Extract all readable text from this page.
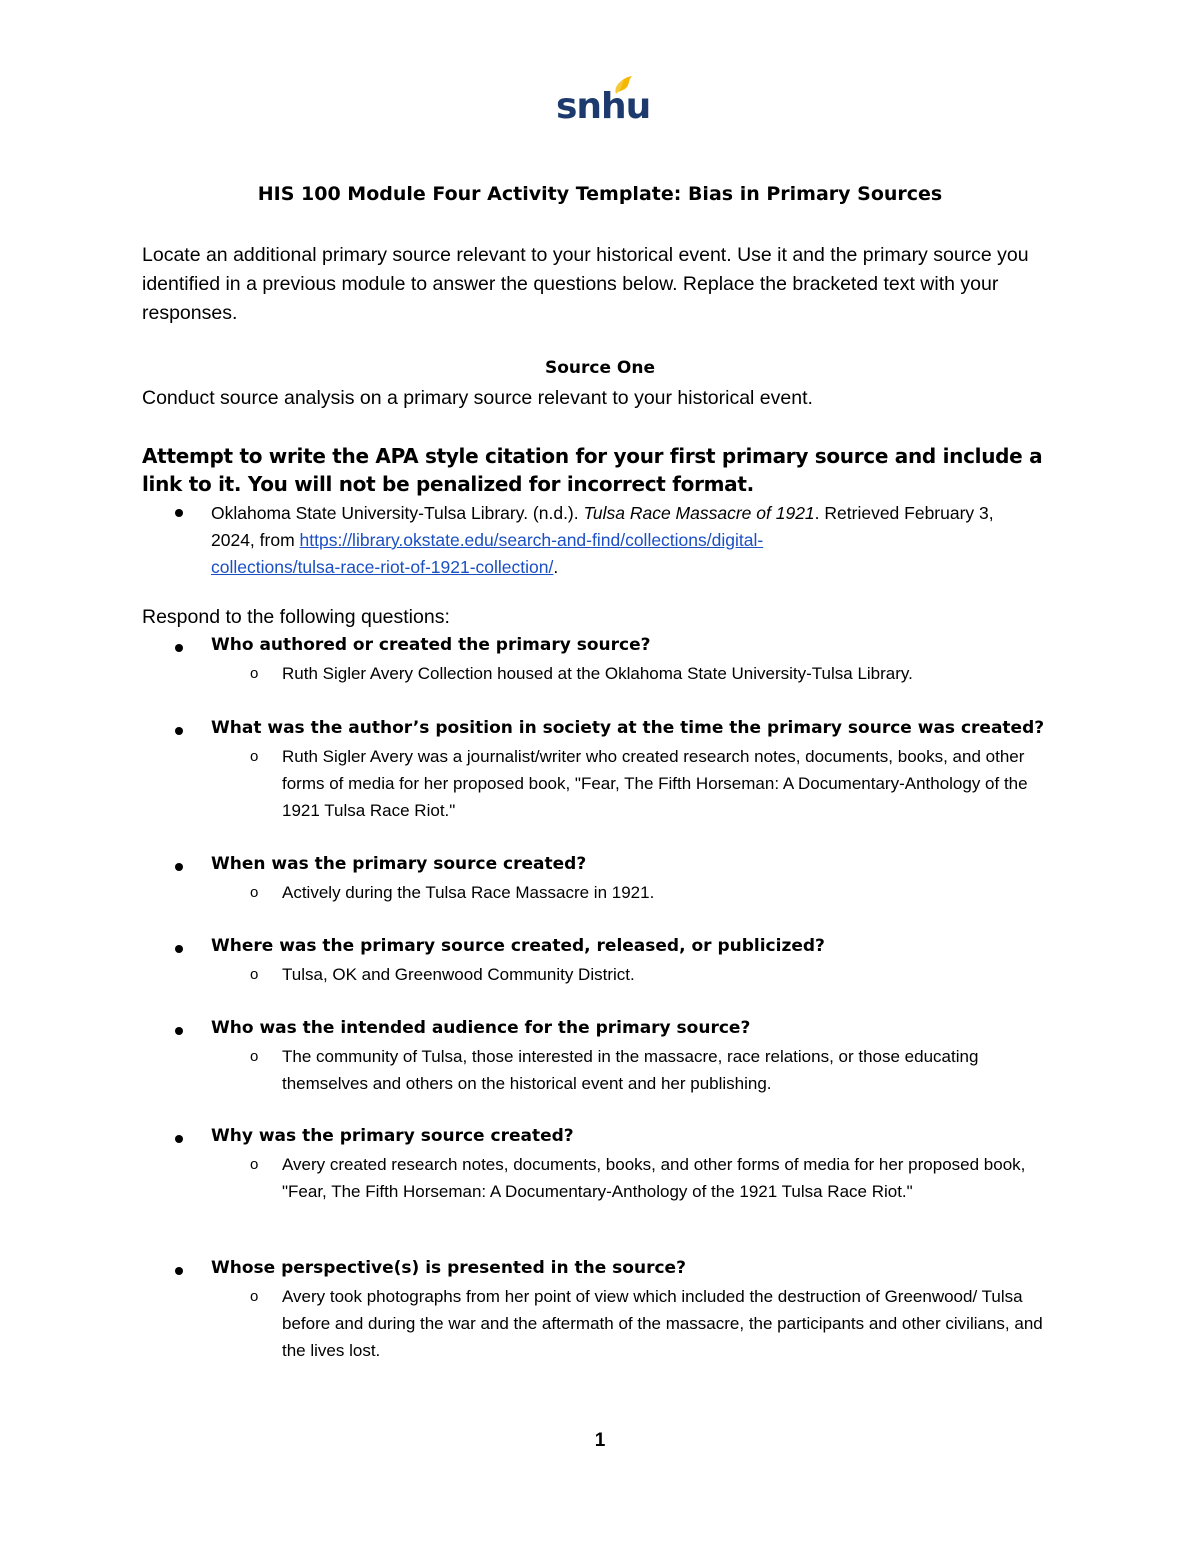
snhu
HIS 100 Module Four Activity Template: Bias in Primary Sources
Locate an additional primary source relevant to your historical event. Use it and the primary source you identified in a previous module to answer the questions below. Replace the bracketed text with your responses.
Source One
Conduct source analysis on a primary source relevant to your historical event.
Attempt to write the APA style citation for your first primary source and include a link to it. You will not be penalized for incorrect format.
Oklahoma State University-Tulsa Library. (n.d.). Tulsa Race Massacre of 1921. Retrieved February 3, 2024, from https://library.okstate.edu/search-and-find/collections/digital-
collections/tulsa-race-riot-of-1921-collection/.
Respond to the following questions:
Who authored or created the primary source?
o Ruth Sigler Avery Collection housed at the Oklahoma State University-Tulsa Library.
What was the author’s position in society at the time the primary source was created?
o Ruth Sigler Avery was a journalist/writer who created research notes, documents, books, and other forms of media for her proposed book, "Fear, The Fifth Horseman: A Documentary-Anthology of the 1921 Tulsa Race Riot."
When was the primary source created?
o Actively during the Tulsa Race Massacre in 1921.
Where was the primary source created, released, or publicized?
o Tulsa, OK and Greenwood Community District.
Who was the intended audience for the primary source?
o The community of Tulsa, those interested in the massacre, race relations, or those educating themselves and others on the historical event and her publishing.
Why was the primary source created?
o Avery created research notes, documents, books, and other forms of media for her proposed book, "Fear, The Fifth Horseman: A Documentary-Anthology of the 1921 Tulsa Race Riot."
Whose perspective(s) is presented in the source?
o Avery took photographs from her point of view which included the destruction of Greenwood/ Tulsa before and during the war and the aftermath of the massacre, the participants and other civilians, and the lives lost.
1
